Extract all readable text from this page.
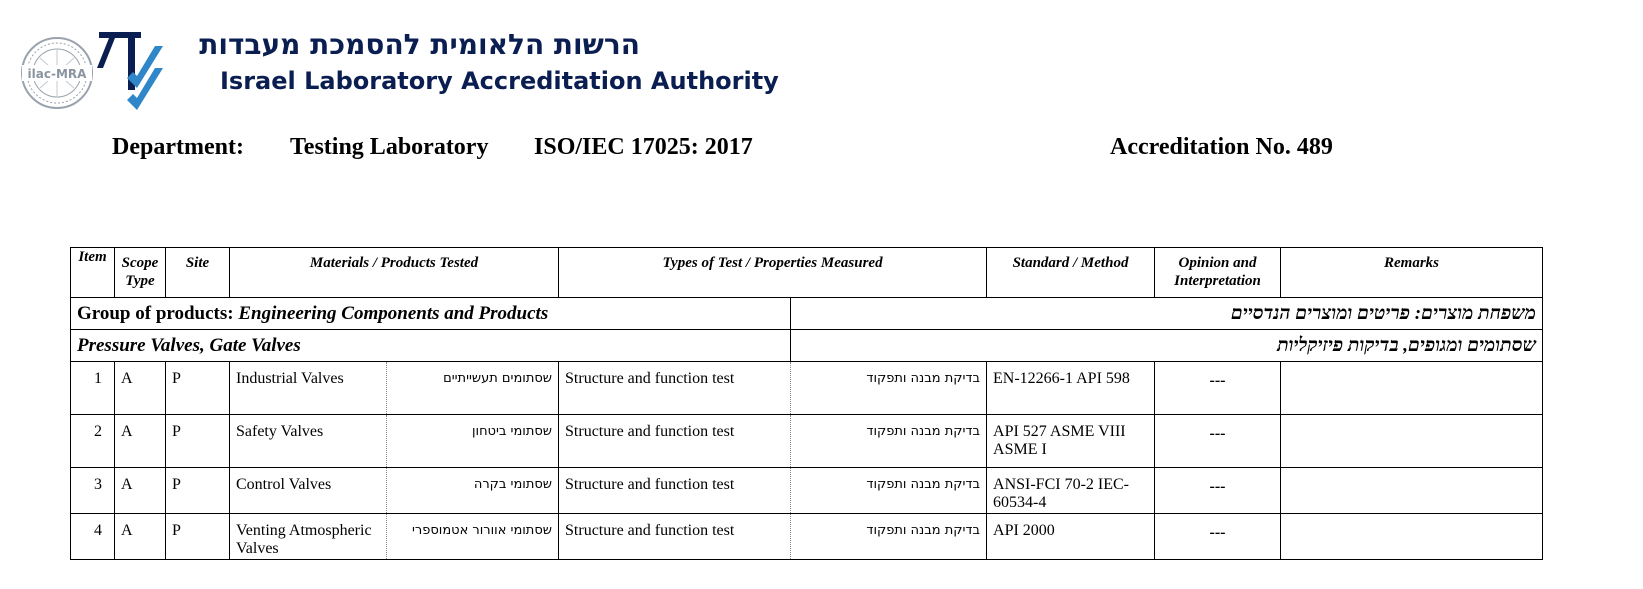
ilac-MRA
הרשות הלאומית להסמכת מעבדות
Israel Laboratory Accreditation Authority
Department: Testing Laboratory ISO/IEC 17025: 2017	Accreditation No. 489
Item	Scope Type	Site	Materials / Products Tested		Types of Test / Properties Measured		Standard / Method	Opinion and Interpretation	Remarks
Group of products: Engineering Components and Products						משפחת מוצרים: פריטים ומוצרים הנדסיים			
Pressure Valves, Gate Valves						שסתומים ומגופים, בדיקות פיזיקליות			
1	A	P	Industrial Valves	שסתומים תעשייתיים	Structure and function test	בדיקת מבנה ותפקוד	EN-12266-1 API 598	---	
2	A	P	Safety Valves	שסתומי ביטחון	Structure and function test	בדיקת מבנה ותפקוד	API 527 ASME VIII ASME I	---	
3	A	P	Control Valves	שסתומי בקרה	Structure and function test	בדיקת מבנה ותפקוד	ANSI-FCI 70-2 IEC-60534-4	---	
4	A	P	Venting Atmospheric Valves	שסתומי אוורור אטמוספרי	Structure and function test	בדיקת מבנה ותפקוד	API 2000	---	
